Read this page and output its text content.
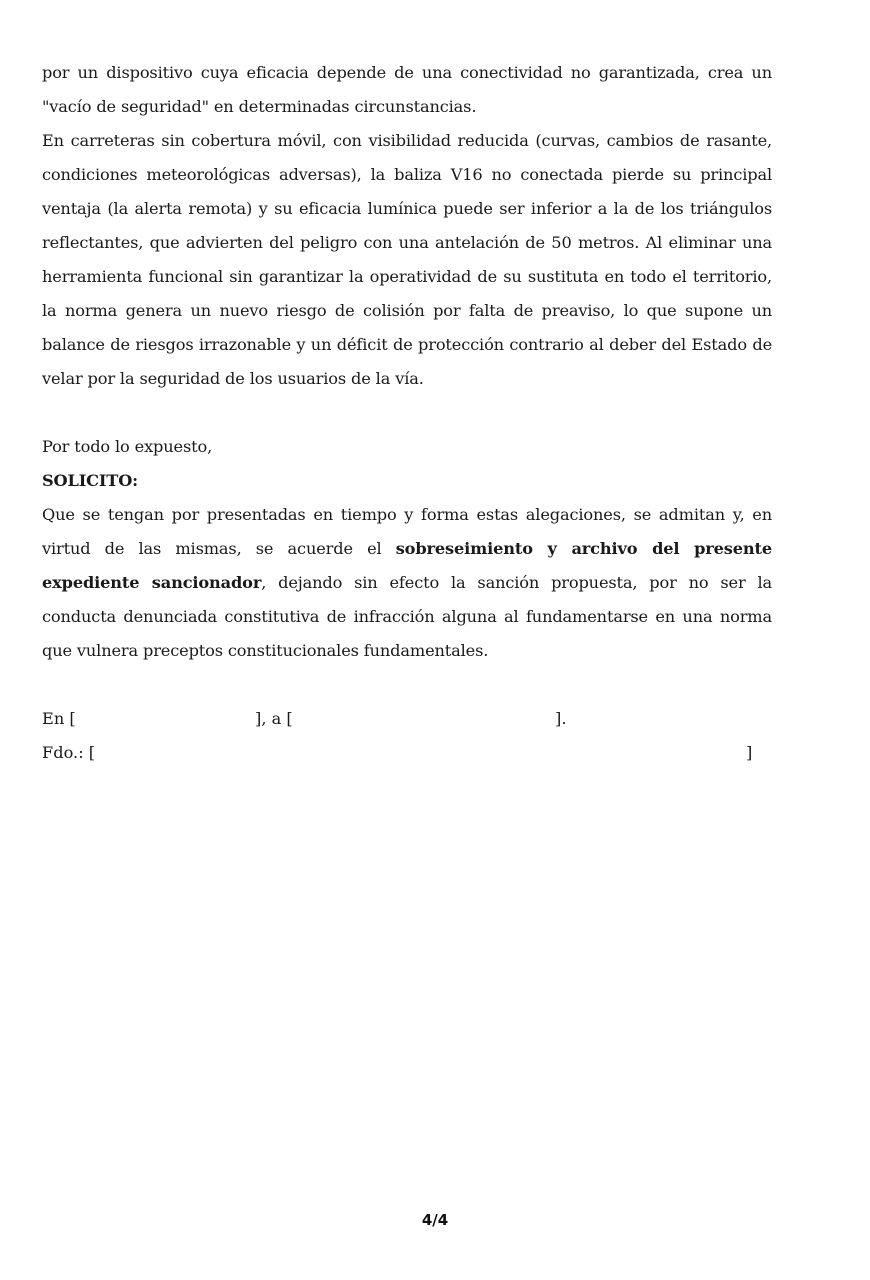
por un dispositivo cuya eficacia depende de una conectividad no garantizada, crea un "vacío de seguridad" en determinadas circunstancias.

En carreteras sin cobertura móvil, con visibilidad reducida (curvas, cambios de rasante, condiciones meteorológicas adversas), la baliza V16 no conectada pierde su principal ventaja (la alerta remota) y su eficacia lumínica puede ser inferior a la de los triángulos reflectantes, que advierten del peligro con una antelación de 50 metros. Al eliminar una herramienta funcional sin garantizar la operatividad de su sustituta en todo el territorio, la norma genera un nuevo riesgo de colisión por falta de preaviso, lo que supone un balance de riesgos irrazonable y un déficit de protección contrario al deber del Estado de velar por la seguridad de los usuarios de la vía.

Por todo lo expuesto,

SOLICITO:

Que se tengan por presentadas en tiempo y forma estas alegaciones, se admitan y, en virtud de las mismas, se acuerde el sobreseimiento y archivo del presente expediente sancionador, dejando sin efecto la sanción propuesta, por no ser la conducta denunciada constitutiva de infracción alguna al fundamentarse en una norma que vulnera preceptos constitucionales fundamentales.

En [	], a [	].
Fdo.: [	]
4/4
